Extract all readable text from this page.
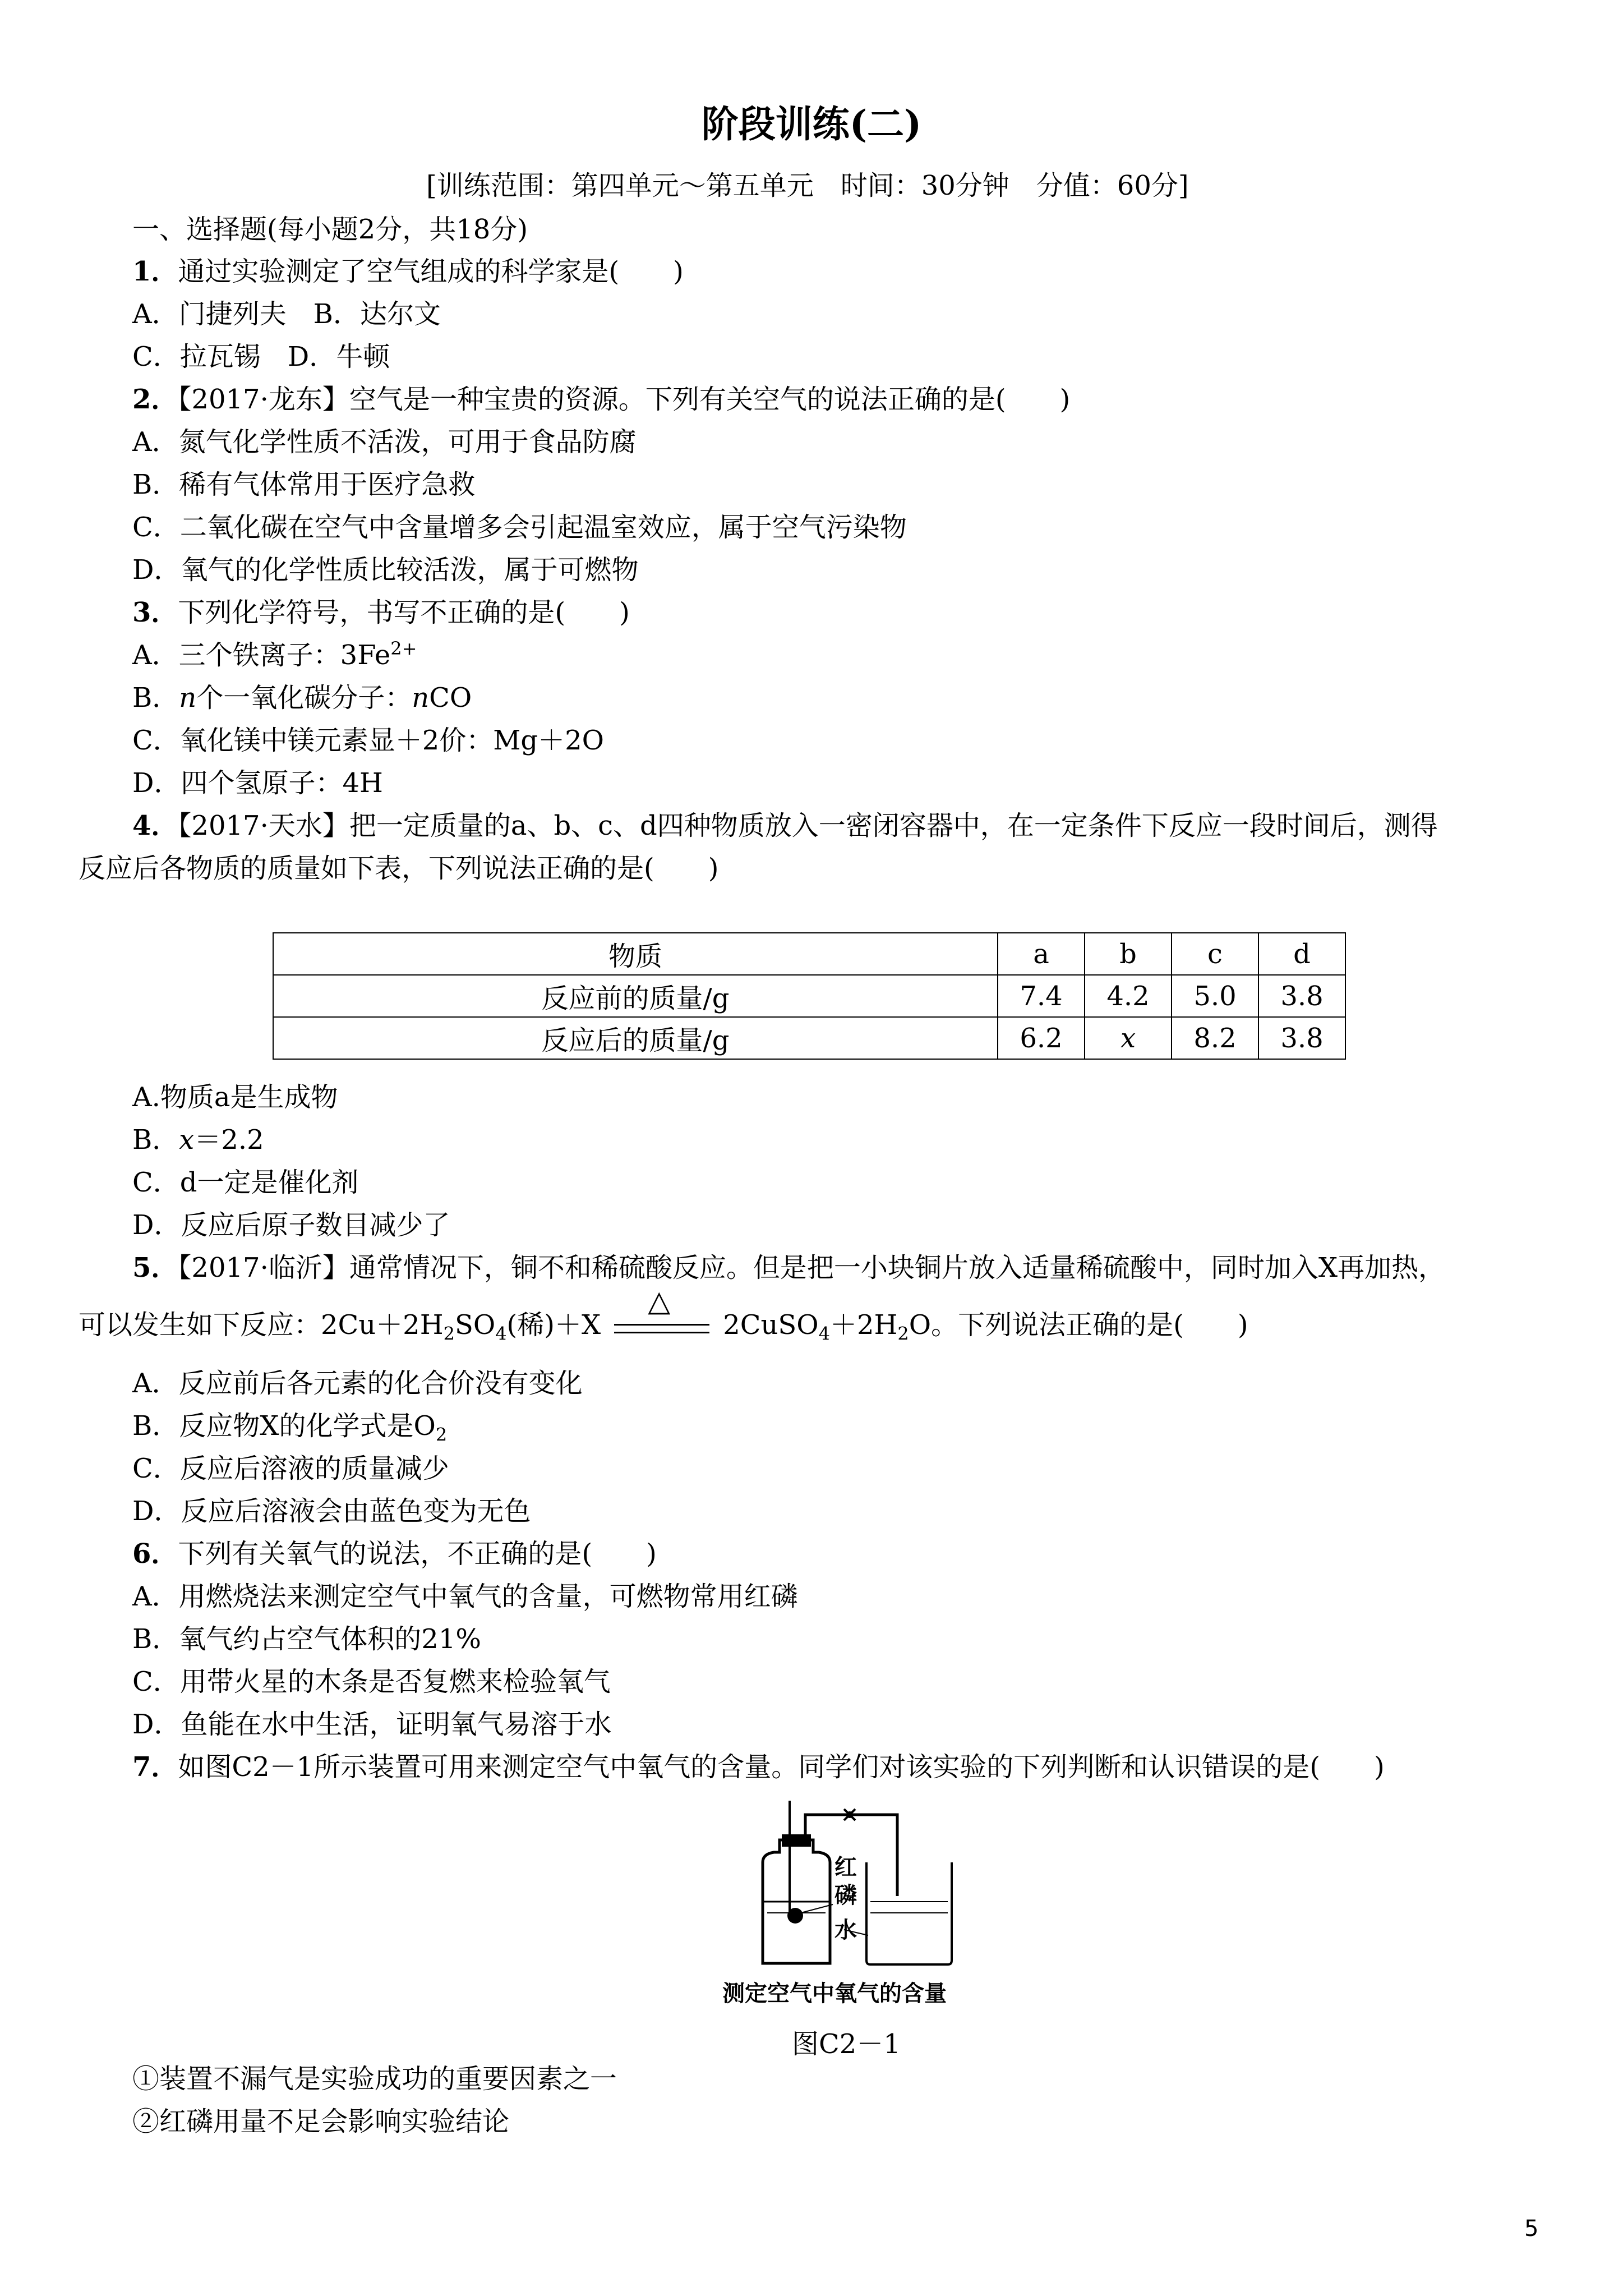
阶段训练(二)
[训练范围：第四单元～第五单元　时间：30分钟　分值：60分]
一、选择题(每小题2分，共18分)
1．通过实验测定了空气组成的科学家是(　　)
A．门捷列夫　B．达尔文
C．拉瓦锡　D．牛顿
2．【2017·龙东】空气是一种宝贵的资源。下列有关空气的说法正确的是(　　)
A．氮气化学性质不活泼，可用于食品防腐
B．稀有气体常用于医疗急救
C．二氧化碳在空气中含量增多会引起温室效应，属于空气污染物
D．氧气的化学性质比较活泼，属于可燃物
3．下列化学符号，书写不正确的是(　　)
A．三个铁离子：$3Fe^{2+}$
B．n个一氧化碳分子：nCO
C．氧化镁中镁元素显＋2价：Mg＋2O
D．四个氢原子：4H
4．【2017·天水】把一定质量的a、b、c、d四种物质放入一密闭容器中，在一定条件下反应一段时间后，测得
反应后各物质的质量如下表，下列说法正确的是(　　)
物质	a	b	c	d
反应前的质量/g	7.4	4.2	5.0	3.8
反应后的质量/g	6.2	x	8.2	3.8
A.物质a是生成物
B．x＝2.2
C．d一定是催化剂
D．反应后原子数目减少了
5．【2017·临沂】通常情况下，铜不和稀硫酸反应。但是把一小块铜片放入适量稀硫酸中，同时加入X再加热，
可以发生如下反应：$2Cu+2H_2SO_4$(稀)＋X
△
$2CuSO_4+2H_2O$。下列说法正确的是(　　)
A．反应前后各元素的化合价没有变化
B．反应物X的化学式是$O_2$
C．反应后溶液的质量减少
D．反应后溶液会由蓝色变为无色
6．下列有关氧气的说法，不正确的是(　　)
A．用燃烧法来测定空气中氧气的含量，可燃物常用红磷
B．氧气约占空气体积的21%
C．用带火星的木条是否复燃来检验氧气
D．鱼能在水中生活，证明氧气易溶于水
7．如图C2－1所示装置可用来测定空气中氧气的含量。同学们对该实验的下列判断和认识错误的是(　　)
红
磷
水
测定空气中氧气的含量
图C2－1
①装置不漏气是实验成功的重要因素之一
②红磷用量不足会影响实验结论
5
